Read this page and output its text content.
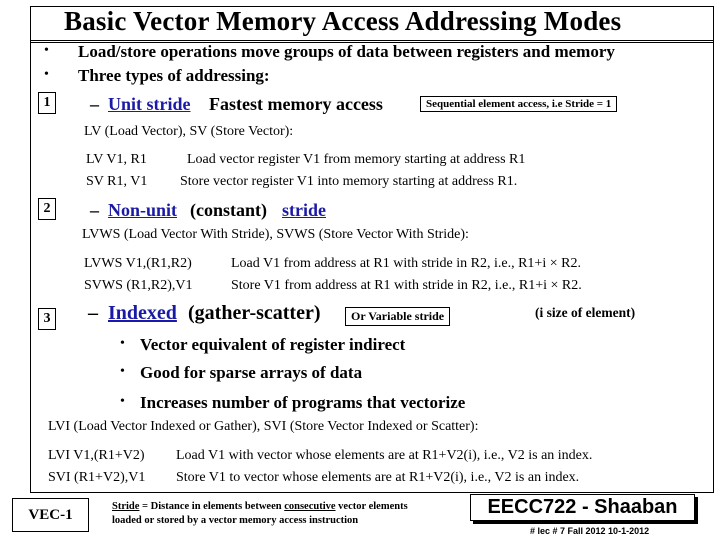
Basic Vector Memory Access Addressing Modes
• Load/store operations move groups of data between registers and memory
• Three types of addressing:
1	– Unit stride Fastest memory access	Sequential element access, i.e Stride = 1
LV (Load Vector), SV (Store Vector):
LV V1, R1	Load vector register V1 from memory starting at address R1
SV R1, V1 Store vector register V1 into memory starting at address R1.
2	– Non-unit (constant) stride
LVWS (Load Vector With Stride), SVWS (Store Vector With Stride):
LVWS V1,(R1,R2)	Load V1 from address at R1 with stride in R2, i.e., R1+i × R2.
SVWS (R1,R2),V1	Store V1 from address at R1 with stride in R2, i.e., R1+i × R2.
3 – Indexed (gather-scatter)	Or Variable stride	(i size of element)
• Vector equivalent of register indirect
• Good for sparse arrays of data
• Increases number of programs that vectorize
LVI (Load Vector Indexed or Gather), SVI (Store Vector Indexed or Scatter):
LVI V1,(R1+V2) Load V1 with vector whose elements are at R1+V2(i), i.e., V2 is an index.
SVI (R1+V2),V1 Store V1 to vector whose elements are at R1+V2(i), i.e., V2 is an index.
VEC-1
Stride = Distance in elements between consecutive vector elements
loaded or stored by a vector memory access instruction
EECC722 - Shaaban
# lec # 7 Fall 2012 10-1-2012
